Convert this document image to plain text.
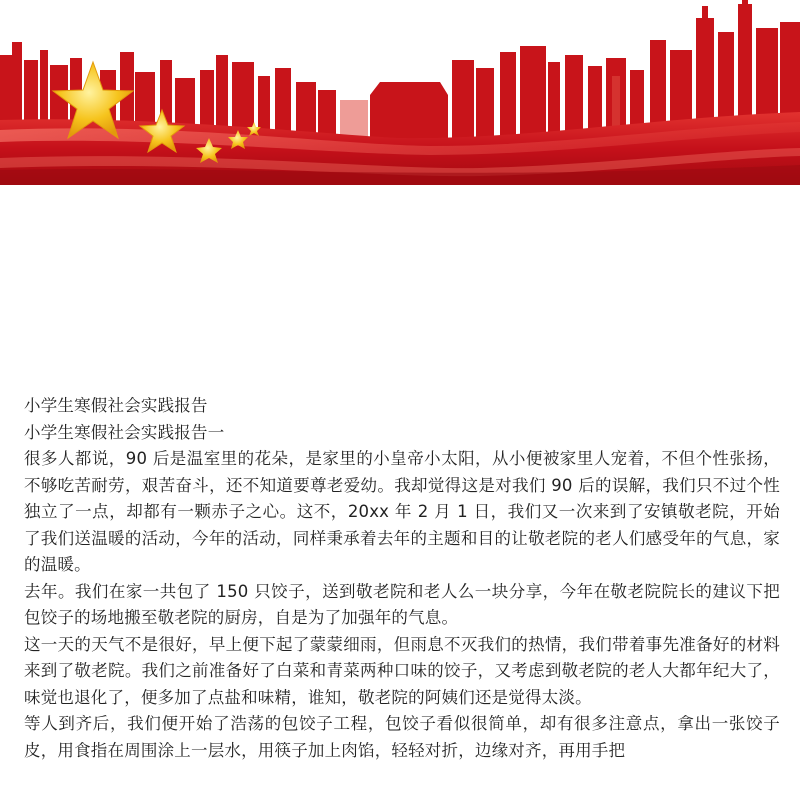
小学生寒假社会实践报告

小学生寒假社会实践报告一

很多人都说，90 后是温室里的花朵，是家里的小皇帝小太阳，从小便被家里人宠着，不但个性张扬，不够吃苦耐劳，艰苦奋斗，还不知道要尊老爱幼。我却觉得这是对我们 90 后的误解，我们只不过个性独立了一点，却都有一颗赤子之心。这不，20xx 年 2 月 1 日，我们又一次来到了安镇敬老院，开始了我们送温暖的活动，今年的活动，同样秉承着去年的主题和目的让敬老院的老人们感受年的气息，家的温暖。

去年。我们在家一共包了 150 只饺子，送到敬老院和老人么一块分享，今年在敬老院院长的建议下把包饺子的场地搬至敬老院的厨房，自是为了加强年的气息。

这一天的天气不是很好，早上便下起了蒙蒙细雨，但雨息不灭我们的热情，我们带着事先准备好的材料来到了敬老院。我们之前准备好了白菜和青菜两种口味的饺子，又考虑到敬老院的老人大都年纪大了，味觉也退化了，便多加了点盐和味精，谁知，敬老院的阿姨们还是觉得太淡。

等人到齐后，我们便开始了浩荡的包饺子工程，包饺子看似很简单，却有很多注意点，拿出一张饺子皮，用食指在周围涂上一层水，用筷子加上肉馅，轻轻对折，边缘对齐，再用手把
